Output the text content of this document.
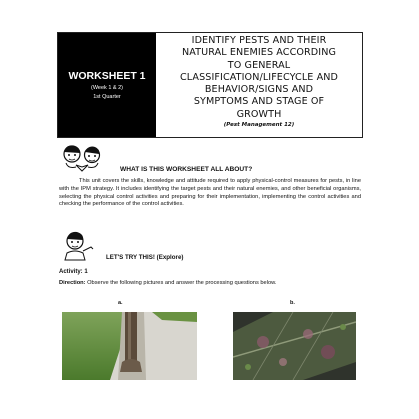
WORKSHEET 1
(Week 1 & 2)
1st Quarter
IDENTIFY PESTS AND THEIR
NATURAL ENEMIES ACCORDING
TO GENERAL
CLASSIFICATION/LIFECYCLE AND
BEHAVIOR/SIGNS AND
SYMPTOMS AND STAGE OF
GROWTH
(Pest Management 12)
WHAT IS THIS WORKSHEET ALL ABOUT?
This unit covers the skills, knowledge and attitude required to apply physical-control measures for pests, in line with the IPM strategy. It includes identifying the target pests and their natural enemies, and other beneficial organisms, selecting the physical control activities and preparing for their implementation, implementing the control activities and checking the performance of the control activities.
LET'S TRY THIS! (Explore)
Activity: 1
Direction: Observe the following pictures and answer the processing questions below.
a.	b.
